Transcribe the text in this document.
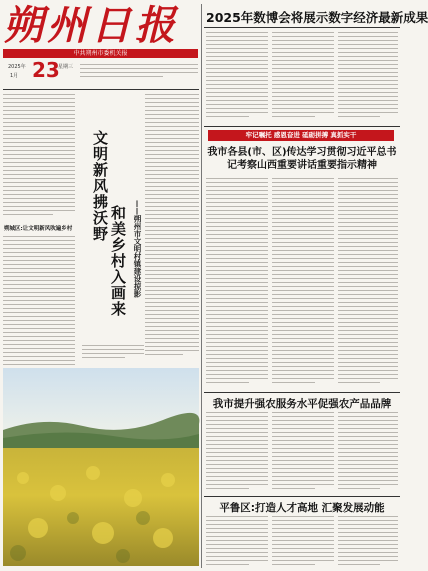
朔州日报
中共朔州市委机关报
23
2025年
1月
星期三
2025年数博会将展示数字经济最新成果
朔城区:让文明新风吹遍乡村 文明新风拂沃野
和美乡村入画来 ——朔州市文明村镇建设掠影
牢记嘱托 感恩奋进 砥砺拼搏 真抓实干
我市各县(市、区)传达学习贯彻习近平总书记考察山西重要讲话重要指示精神
我市提升强农服务水平促强农产品品牌
平鲁区:打造人才高地 汇聚发展动能
